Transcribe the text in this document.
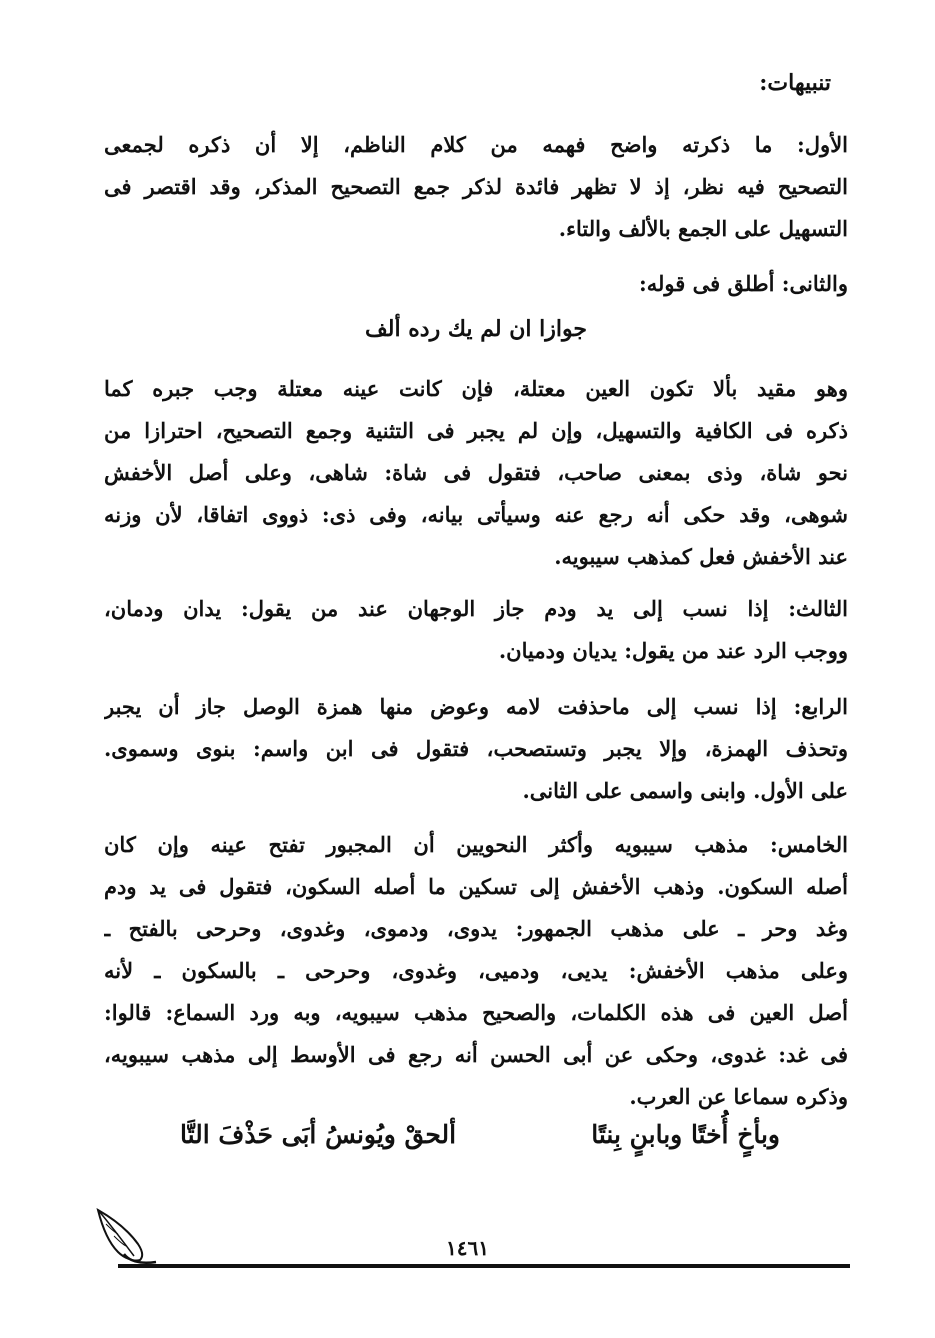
تنبيهات:
الأول: ما ذكرته واضح فهمه من كلام الناظم، إلا أن ذكره لجمعى
التصحيح فيه نظر، إذ لا تظهر فائدة لذكر جمع التصحيح المذكر، وقد اقتصر فى
التسهيل على الجمع بالألف والتاء.
والثانى: أطلق فى قوله:
جوازا ان لم يك رده ألف
وهو مقيد بألا تكون العين معتلة، فإن كانت عينه معتلة وجب جبره كما
ذكره فى الكافية والتسهيل، وإن لم يجبر فى التثنية وجمع التصحيح، احترازا من
نحو شاة، وذى بمعنى صاحب، فتقول فى شاة: شاهى، وعلى أصل الأخفش
شوهى، وقد حكى أنه رجع عنه وسيأتى بيانه، وفى ذى: ذووى اتفاقا، لأن وزنه
عند الأخفش فعل كمذهب سيبويه.
الثالث: إذا نسب إلى يد ودم جاز الوجهان عند من يقول: يدان ودمان،
ووجب الرد عند من يقول: يديان ودميان.
الرابع: إذا نسب إلى ماحذفت لامه وعوض منها همزة الوصل جاز أن يجبر
وتحذف الهمزة، وإلا يجبر وتستصحب، فتقول فى ابن واسم: بنوى وسموى.
على الأول. وابنى واسمى على الثانى.
الخامس: مذهب سيبويه وأكثر النحويين أن المجبور تفتح عينه وإن كان
أصله السكون. وذهب الأخفش إلى تسكين ما أصله السكون، فتقول فى يد ودم
وغد وحر ـ على مذهب الجمهور: يدوى، ودموى، وغدوى، وحرحى بالفتح ـ
وعلى مذهب الأخفش: يديى، ودميى، وغدوى، وحرحى ـ بالسكون ـ لأنه
أصل العين فى هذه الكلمات، والصحيح مذهب سيبويه، وبه ورد السماع: قالوا:
فى غد: غدوى، وحكى عن أبى الحسن أنه رجع فى الأوسط إلى مذهب سيبويه،
وذكره سماعا عن العرب.
وبأخٍ أُختًا وبابنٍ بِنتًا
ألحقْ ويُونسُ أبَى حَذْفَ التَّا
١٤٦١
